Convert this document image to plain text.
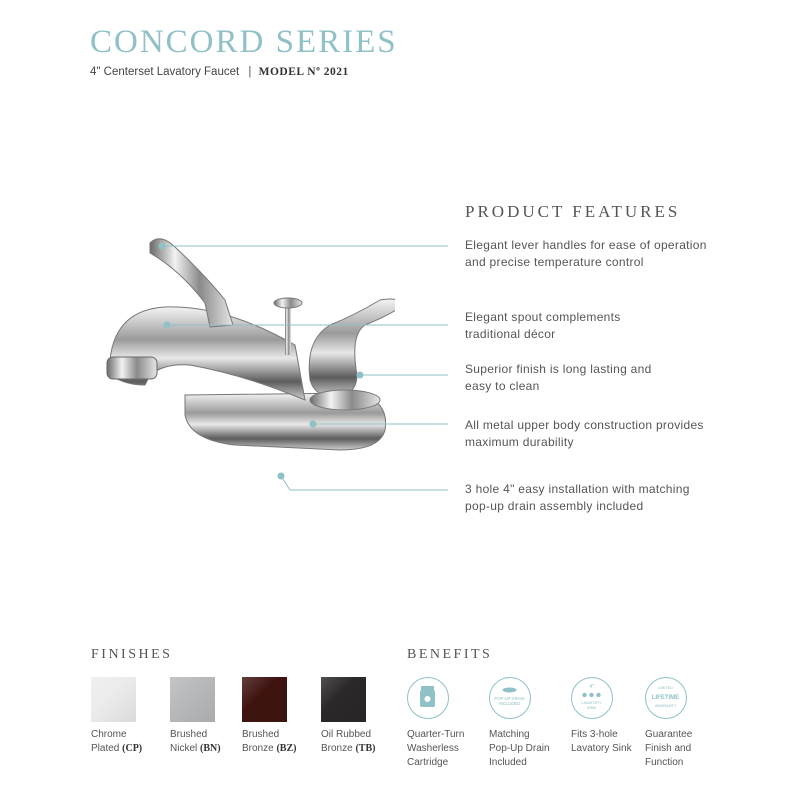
CONCORD SERIES
4" Centerset Lavatory Faucet | MODEL Nº 2021
PRODUCT FEATURES
Elegant lever handles for ease of operation
and precise temperature control
Elegant spout complements
traditional décor
Superior finish is long lasting and
easy to clean
All metal upper body construction provides
maximum durability
3 hole 4" easy installation with matching
pop-up drain assembly included
FINISHES
Chrome
Plated (CP)
Brushed
Nickel (BN)
Brushed
Bronze (BZ)
Oil Rubbed
Bronze (TB)
BENEFITS
Quarter-Turn
Washerless
Cartridge
POP-UP DRAIN
INCLUDED
Matching
Pop-Up Drain
Included
4"
LAVATORY
SINK
Fits 3-hole
Lavatory Sink
LIMITED
LIFETIME
WARRANTY
Guarantee
Finish and
Function
